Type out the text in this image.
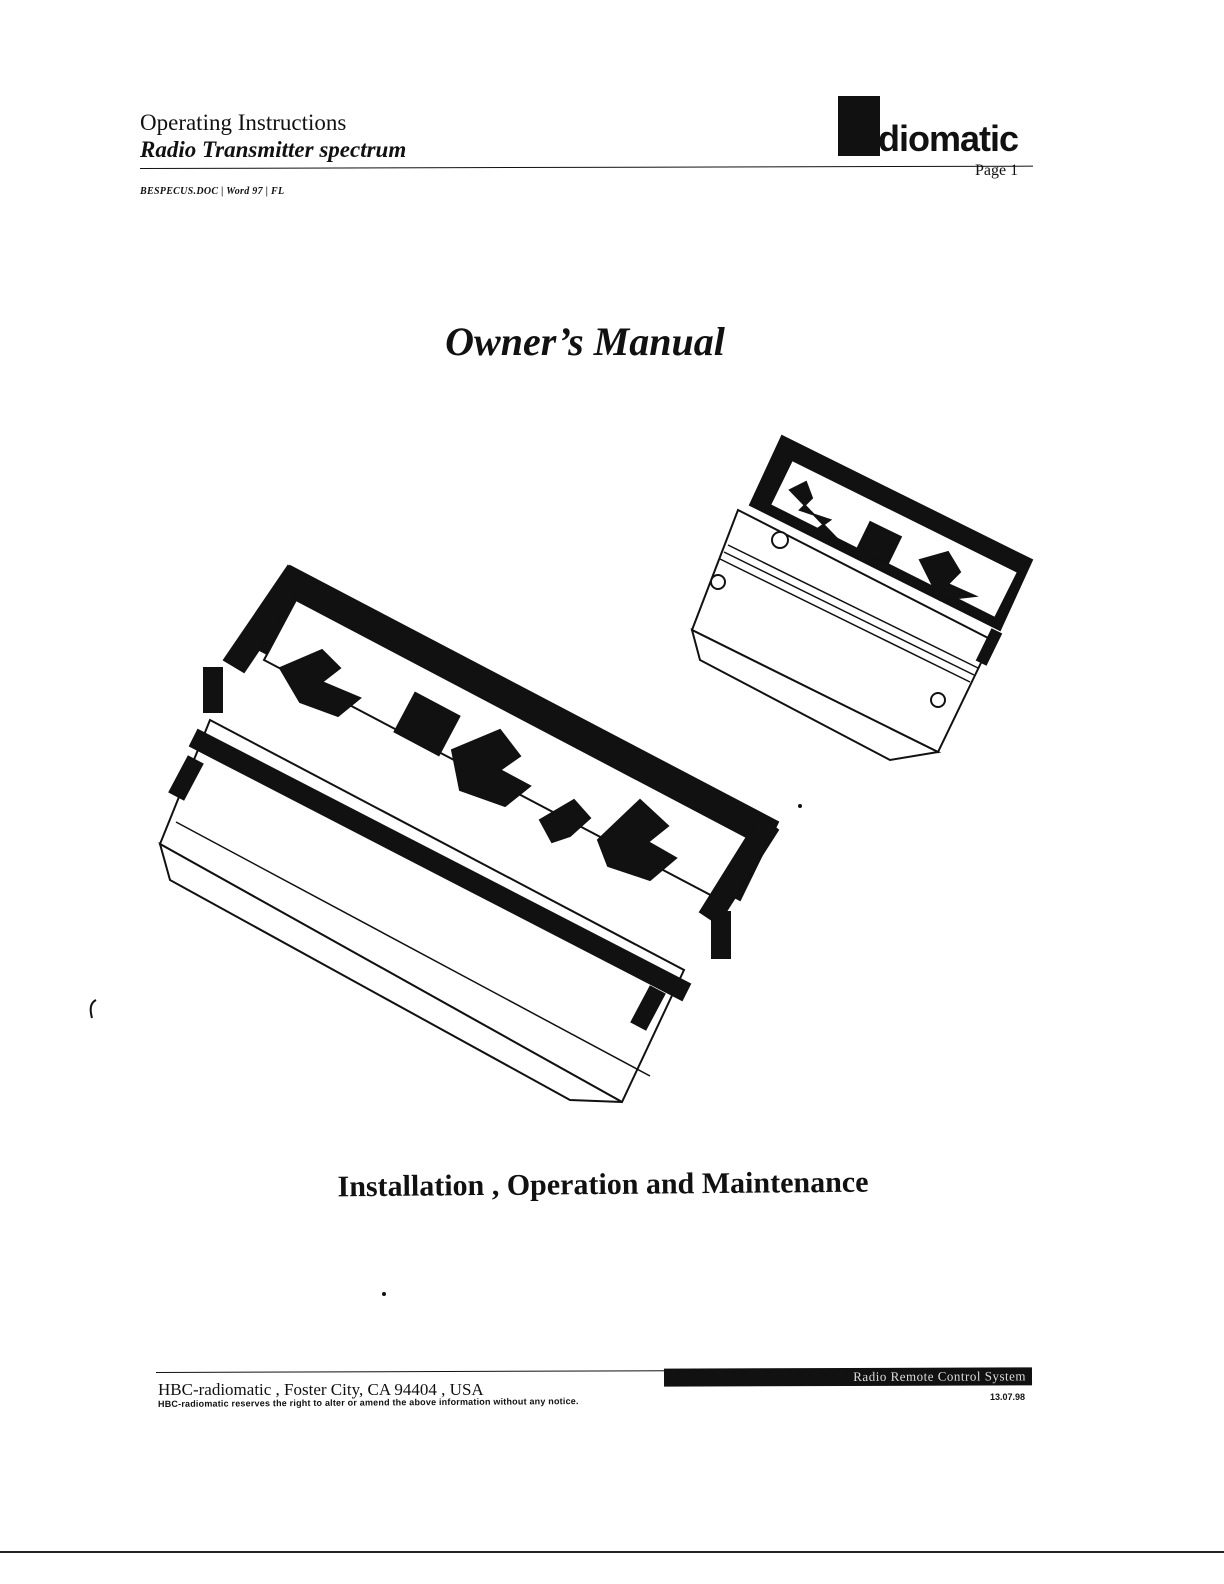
Operating Instructions
Radio Transmitter spectrum
BESPECUS.DOC | Word 97 | FL
diomatic
Page 1
Owner’s Manual
Installation , Operation and Maintenance
Radio Remote Control System
HBC-radiomatic , Foster City, CA 94404 , USA
HBC-radiomatic reserves the right to alter or amend the above information without any notice.	13.07.98
